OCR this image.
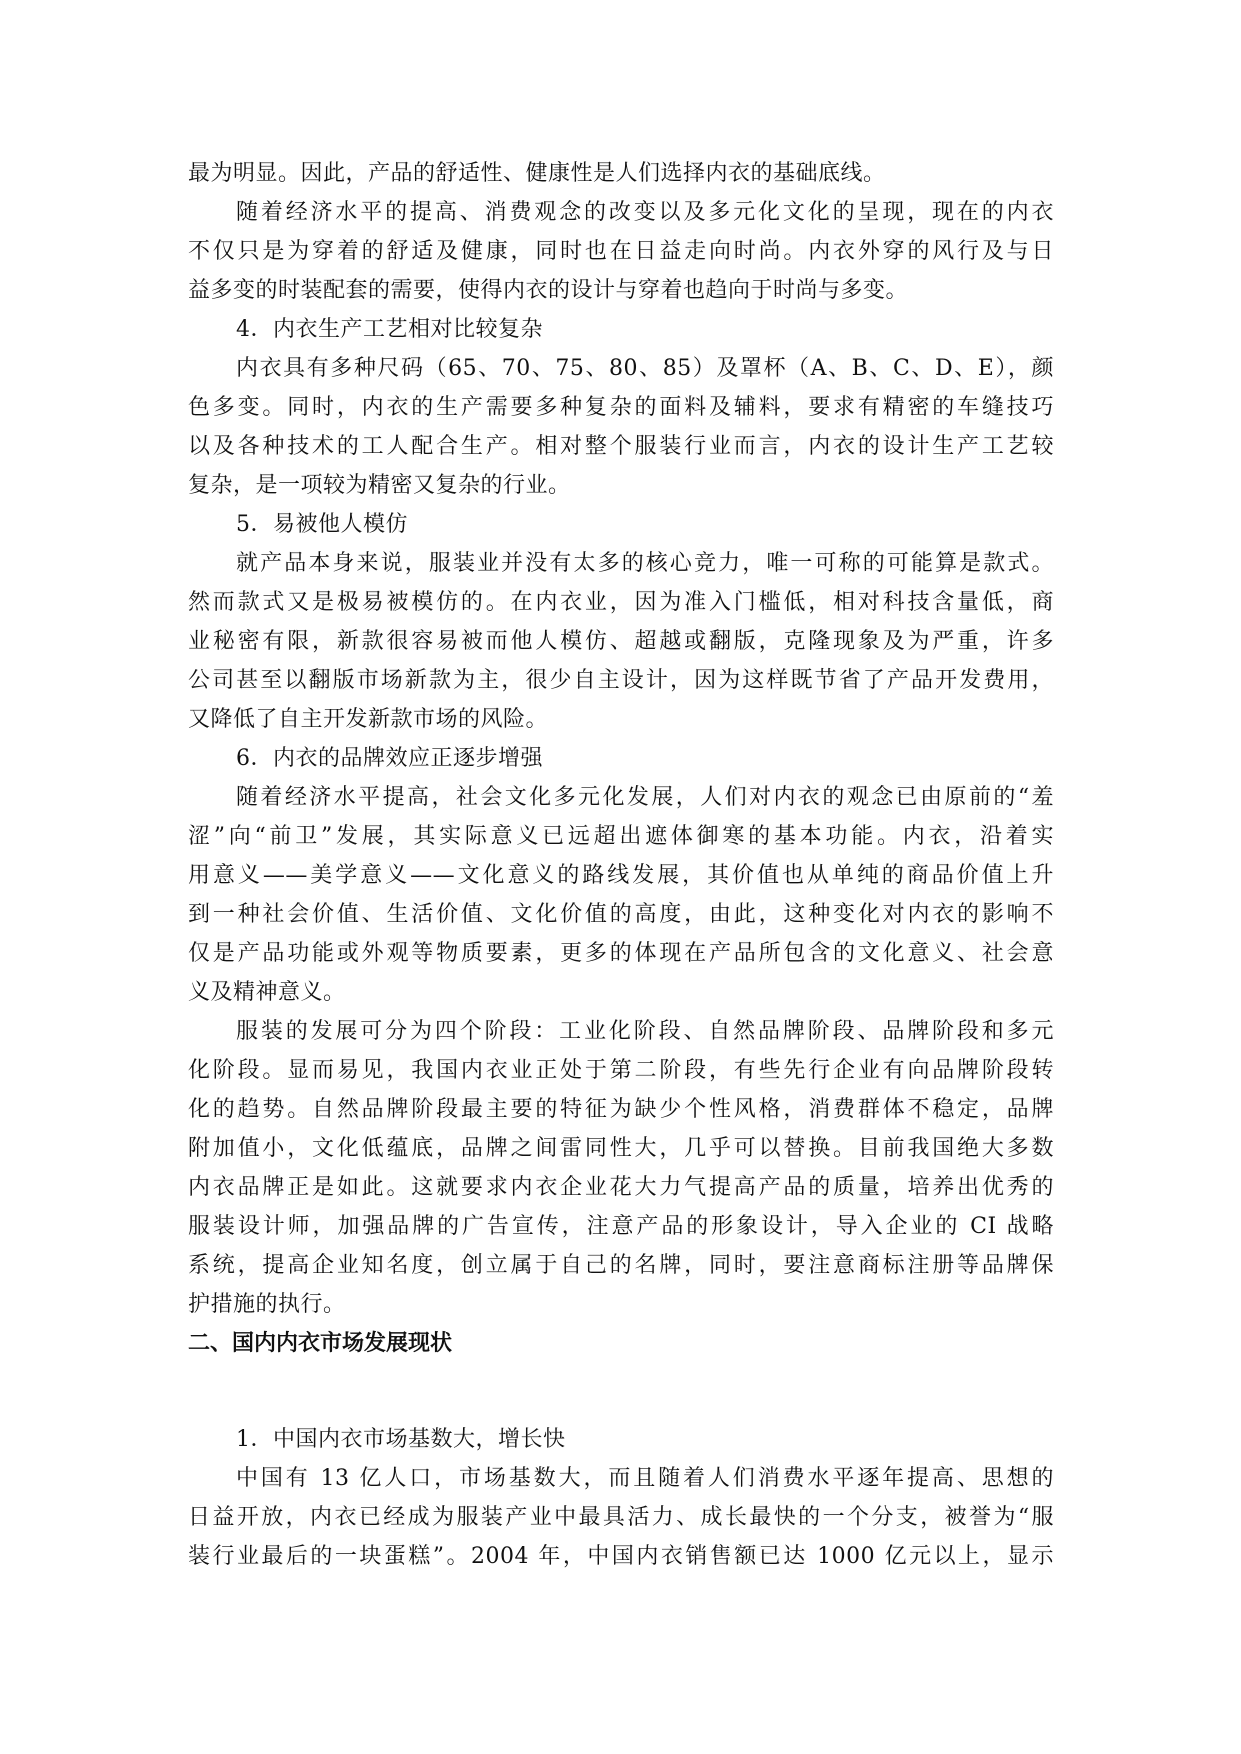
最为明显。因此，产品的舒适性、健康性是人们选择内衣的基础底线。
随着经济水平的提高、消费观念的改变以及多元化文化的呈现，现在的内衣
不仅只是为穿着的舒适及健康，同时也在日益走向时尚。内衣外穿的风行及与日
益多变的时装配套的需要，使得内衣的设计与穿着也趋向于时尚与多变。
4．内衣生产工艺相对比较复杂
内衣具有多种尺码（65、70、75、80、85）及罩杯（A、B、C、D、E），颜
色多变。同时，内衣的生产需要多种复杂的面料及辅料，要求有精密的车缝技巧
以及各种技术的工人配合生产。相对整个服装行业而言，内衣的设计生产工艺较
复杂，是一项较为精密又复杂的行业。
5．易被他人模仿
就产品本身来说，服装业并没有太多的核心竞力，唯一可称的可能算是款式。
然而款式又是极易被模仿的。在内衣业，因为准入门槛低，相对科技含量低，商
业秘密有限，新款很容易被而他人模仿、超越或翻版，克隆现象及为严重，许多
公司甚至以翻版市场新款为主，很少自主设计，因为这样既节省了产品开发费用，
又降低了自主开发新款市场的风险。
6．内衣的品牌效应正逐步增强
随着经济水平提高，社会文化多元化发展，人们对内衣的观念已由原前的“羞
涩”向“前卫”发展，其实际意义已远超出遮体御寒的基本功能。内衣，沿着实
用意义——美学意义——文化意义的路线发展，其价值也从单纯的商品价值上升
到一种社会价值、生活价值、文化价值的高度，由此，这种变化对内衣的影响不
仅是产品功能或外观等物质要素，更多的体现在产品所包含的文化意义、社会意
义及精神意义。
服装的发展可分为四个阶段：工业化阶段、自然品牌阶段、品牌阶段和多元
化阶段。显而易见，我国内衣业正处于第二阶段，有些先行企业有向品牌阶段转
化的趋势。自然品牌阶段最主要的特征为缺少个性风格，消费群体不稳定，品牌
附加值小，文化低蕴底，品牌之间雷同性大，几乎可以替换。目前我国绝大多数
内衣品牌正是如此。这就要求内衣企业花大力气提高产品的质量，培养出优秀的
服装设计师，加强品牌的广告宣传，注意产品的形象设计，导入企业的 CI 战略
系统，提高企业知名度，创立属于自己的名牌，同时，要注意商标注册等品牌保
护措施的执行。
二、国内内衣市场发展现状
1．中国内衣市场基数大，增长快
中国有 13 亿人口，市场基数大，而且随着人们消费水平逐年提高、思想的
日益开放，内衣已经成为服装产业中最具活力、成长最快的一个分支，被誉为“服
装行业最后的一块蛋糕”。2004 年，中国内衣销售额已达 1000 亿元以上，显示
